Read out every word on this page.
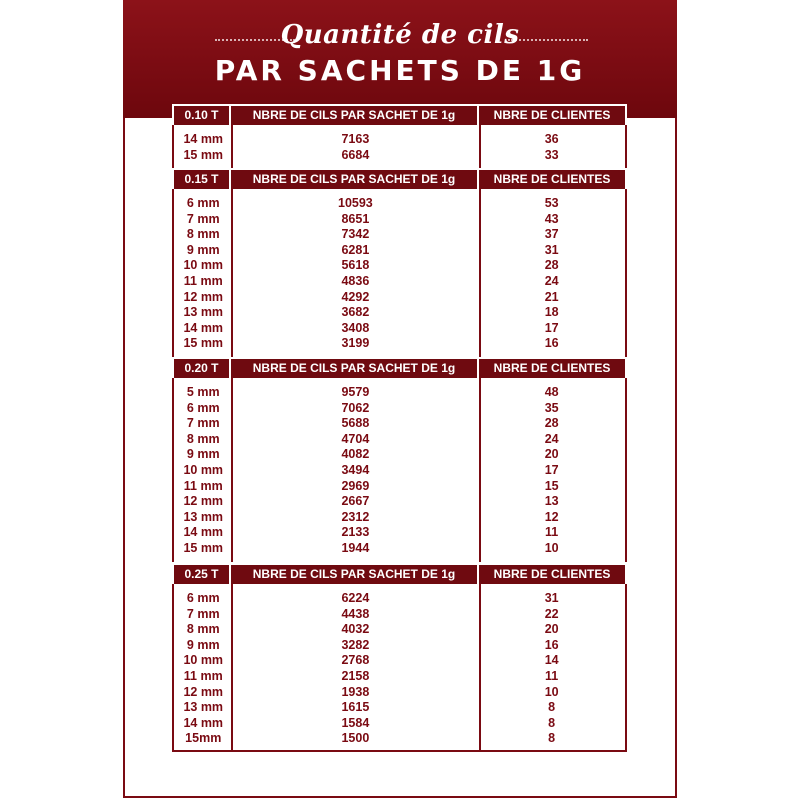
Quantité de cils
PAR SACHETS DE 1G
0.10 T	NBRE DE CILS PAR SACHET DE 1g	NBRE DE CLIENTES
14 mm	7163	36
15 mm	6684	33
0.15 T	NBRE DE CILS PAR SACHET DE 1g	NBRE DE CLIENTES
6 mm	10593	53
7 mm	8651	43
8 mm	7342	37
9 mm	6281	31
10 mm	5618	28
11 mm	4836	24
12 mm	4292	21
13 mm	3682	18
14 mm	3408	17
15 mm	3199	16
0.20 T	NBRE DE CILS PAR SACHET DE 1g	NBRE DE CLIENTES
5 mm	9579	48
6 mm	7062	35
7 mm	5688	28
8 mm	4704	24
9 mm	4082	20
10 mm	3494	17
11 mm	2969	15
12 mm	2667	13
13 mm	2312	12
14 mm	2133	11
15 mm	1944	10
0.25 T	NBRE DE CILS PAR SACHET DE 1g	NBRE DE CLIENTES
6 mm	6224	31
7 mm	4438	22
8 mm	4032	20
9 mm	3282	16
10 mm	2768	14
11 mm	2158	11
12 mm	1938	10
13 mm	1615	8
14 mm	1584	8
15mm	1500	8
